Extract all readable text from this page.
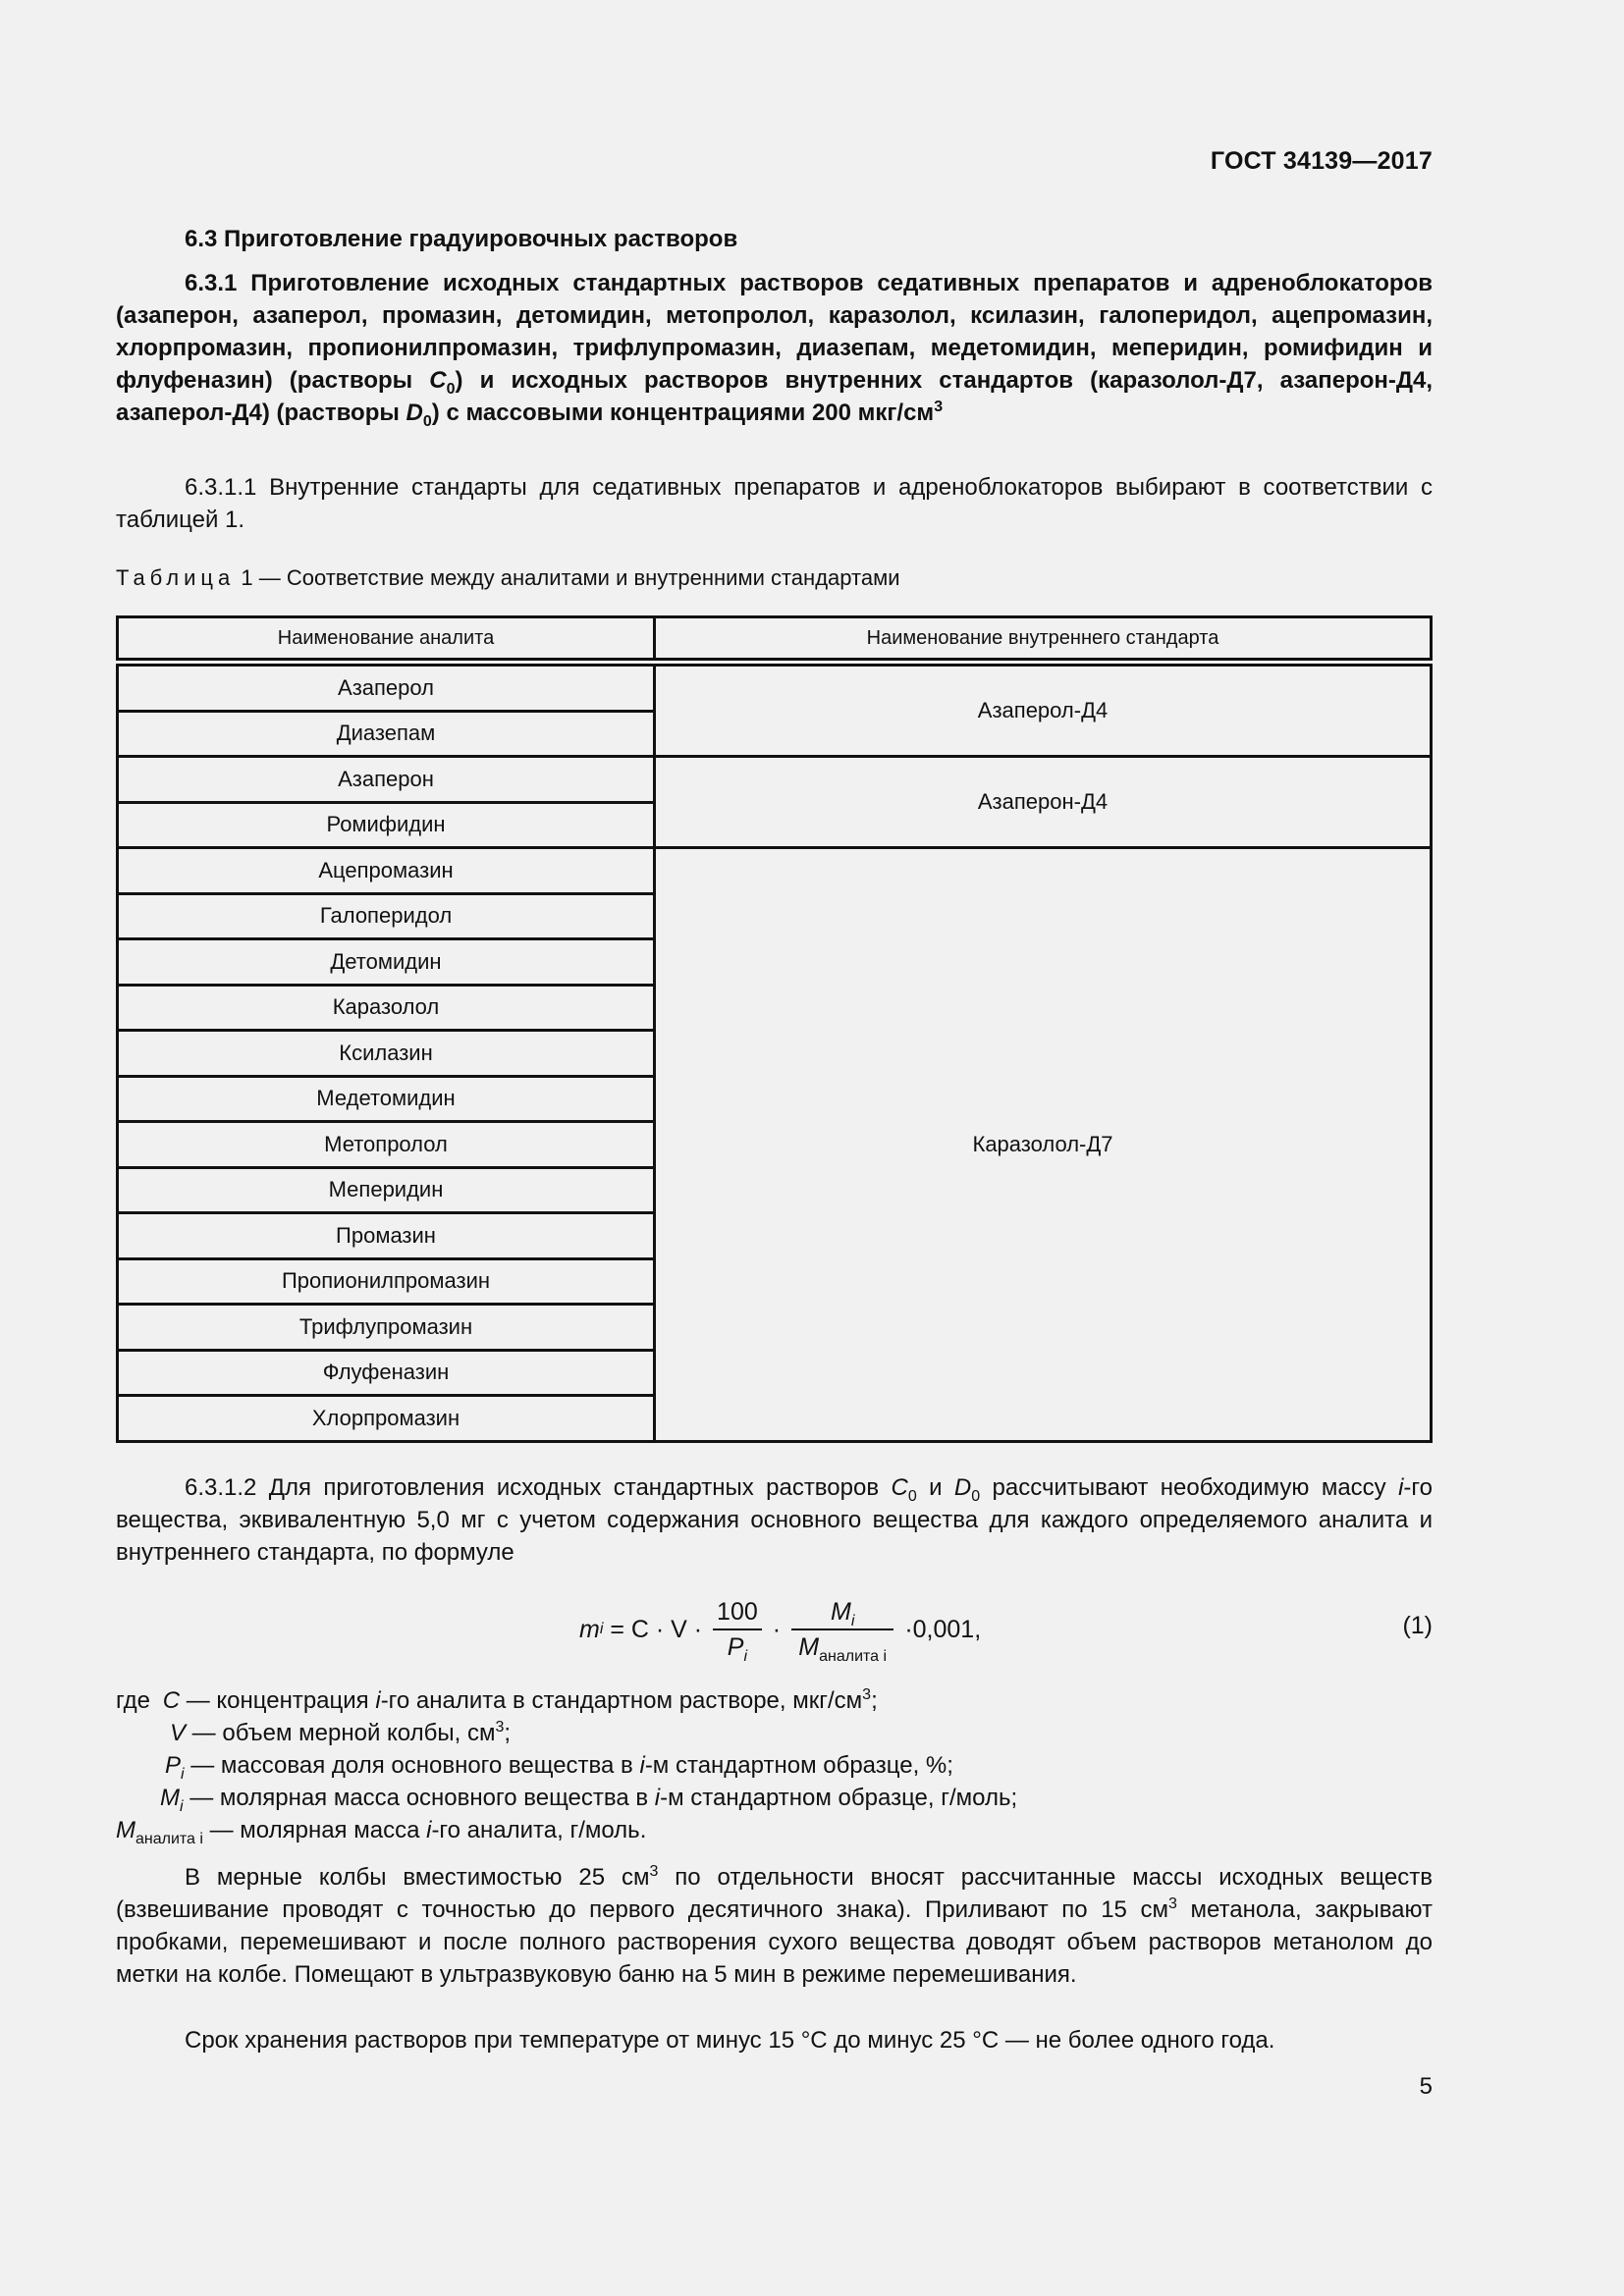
ГОСТ 34139—2017
6.3 Приготовление градуировочных растворов
6.3.1 Приготовление исходных стандартных растворов седативных препаратов и адреноблокаторов (азаперон, азаперол, промазин, детомидин, метопролол, каразолол, ксилазин, галоперидол, ацепромазин, хлорпромазин, пропионилпромазин, трифлупромазин, диазепам, медетомидин, меперидин, ромифидин и флуфеназин) (растворы $C_0$) и исходных растворов внутренних стандартов (каразолол-Д7, азаперон-Д4, азаперол-Д4) (растворы $D_0$) с массовыми концентрациями 200 мкг/$см^3$
6.3.1.1 Внутренние стандарты для седативных препаратов и адреноблокаторов выбирают в соответствии с таблицей 1.
Таблица 1 — Соответствие между аналитами и внутренними стандартами
Наименование аналита	Наименование внутреннего стандарта
Азаперол	Азаперол-Д4
Диазепам	
Азаперон	Азаперон-Д4
Ромифидин	
Ацепромазин	Каразолол-Д7
Галоперидол	
Детомидин	
Каразолол	
Ксилазин	
Медетомидин	
Метопролол	
Меперидин	
Промазин	
Пропионилпромазин	
Трифлупромазин	
Флуфеназин	
Хлорпромазин	
6.3.1.2 Для приготовления исходных стандартных растворов $C_0$ и $D_0$ рассчитывают необходимую массу i-го вещества, эквивалентную 5,0 мг с учетом содержания основного вещества для каждого определяемого аналита и внутреннего стандарта, по формуле
m $i = C \cdot V \cdot \frac{100}{P_i} \cdot \frac{M_i}{M_{аналита i}} \cdot 0,001$,	(1)
где C — концентрация i-го аналита в стандартном растворе, мкг/$см^3$;
V — объем мерной колбы, $см^3$;
$P_i$ — массовая доля основного вещества в i-м стандартном образце, %;
$M_i$ — молярная масса основного вещества в i-м стандартном образце, г/моль;
$M_{аналита i}$ — молярная масса i-го аналита, г/моль.
В мерные колбы вместимостью 25 $см^3$ по отдельности вносят рассчитанные массы исходных веществ (взвешивание проводят с точностью до первого десятичного знака). Приливают по 15 $см^3$ метанола, закрывают пробками, перемешивают и после полного растворения сухого вещества доводят объем растворов метанолом до метки на колбе. Помещают в ультразвуковую баню на 5 мин в режиме перемешивания.
Срок хранения растворов при температуре от минус 15 °С до минус 25 °С — не более одного года.
5
